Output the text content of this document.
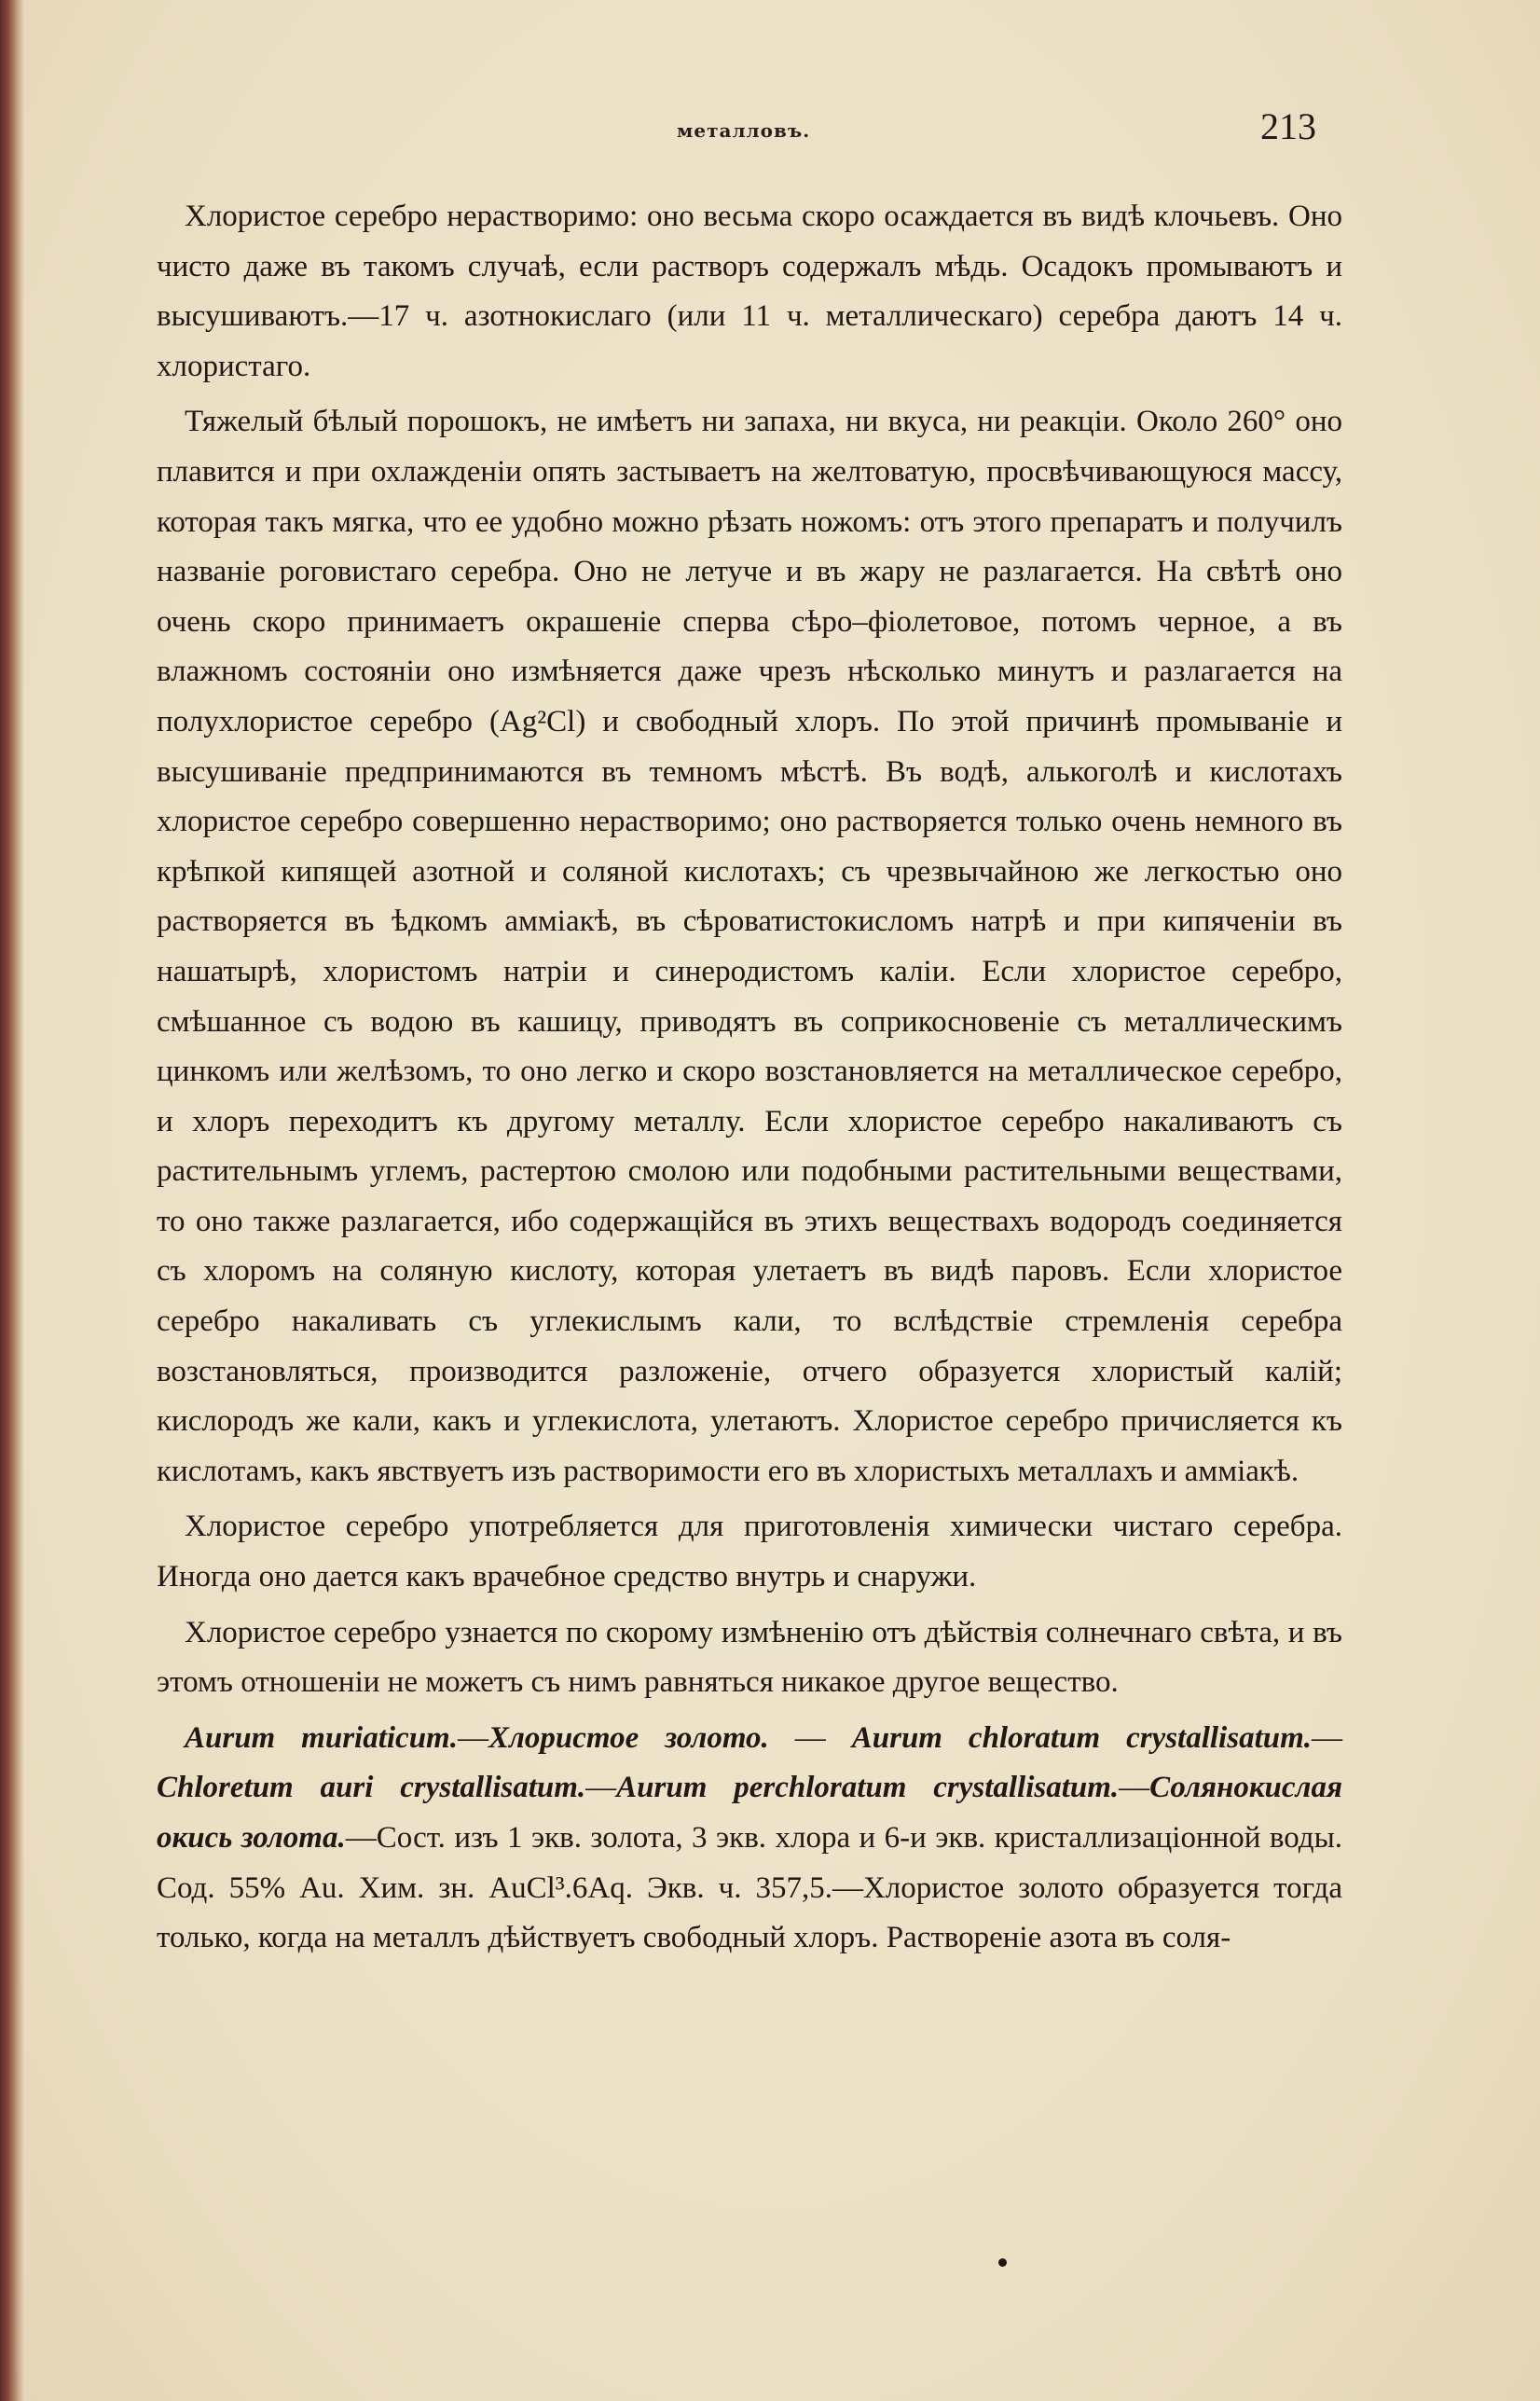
металловъ.	213

Хлористое серебро нерастворимо: оно весьма скоро осаждается въ видѣ клочьевъ. Оно чисто даже въ такомъ случаѣ, если растворъ содержалъ мѣдь. Осадокъ промываютъ и высушиваютъ.—17 ч. азотнокислаго (или 11 ч. металлическаго) серебра даютъ 14 ч. хлористаго.

Тяжелый бѣлый порошокъ, не имѣетъ ни запаха, ни вкуса, ни реакціи. Около 260° оно плавится и при охлажденіи опять застываетъ на желтоватую, просвѣчивающуюся массу, которая такъ мягка, что ее удобно можно рѣзать ножомъ: отъ этого препаратъ и получилъ названіе роговистаго серебра. Оно не летуче и въ жару не разлагается. На свѣтѣ оно очень скоро принимаетъ окрашеніе сперва сѣро–фіолетовое, потомъ черное, а въ влажномъ состояніи оно измѣняется даже чрезъ нѣсколько минутъ и разлагается на полухлористое серебро (Ag²Cl) и свободный хлоръ. По этой причинѣ промываніе и высушиваніе предпринимаются въ темномъ мѣстѣ. Въ водѣ, алькоголѣ и кислотахъ хлористое серебро совершенно нерастворимо; оно растворяется только очень немного въ крѣпкой кипящей азотной и соляной кислотахъ; съ чрезвычайною же легкостью оно растворяется въ ѣдкомъ амміакѣ, въ сѣроватистокисломъ натрѣ и при кипяченіи въ нашатырѣ, хлористомъ натріи и синеродистомъ каліи. Если хлористое серебро, смѣшанное съ водою въ кашицу, приводятъ въ соприкосновеніе съ металлическимъ цинкомъ или желѣзомъ, то оно легко и скоро возстановляется на металлическое серебро, и хлоръ переходитъ къ другому металлу. Если хлористое серебро накаливаютъ съ растительнымъ углемъ, растертою смолою или подобными растительными веществами, то оно также разлагается, ибо содержащійся въ этихъ веществахъ водородъ соединяется съ хлоромъ на соляную кислоту, которая улетаетъ въ видѣ паровъ. Если хлористое серебро накаливать съ углекислымъ кали, то вслѣдствіе стремленія серебра возстановляться, производится разложеніе, отчего образуется хлористый калій; кислородъ же кали, какъ и углекислота, улетаютъ. Хлористое серебро причисляется къ кислотамъ, какъ явствуетъ изъ растворимости его въ хлористыхъ металлахъ и амміакѣ.

Хлористое серебро употребляется для приготовленія химически чистаго серебра. Иногда оно дается какъ врачебное средство внутрь и снаружи.

Хлористое серебро узнается по скорому измѣненію отъ дѣйствія солнечнаго свѣта, и въ этомъ отношеніи не можетъ съ нимъ равняться никакое другое вещество.

Aurum muriaticum.—Хлористое золото. — Aurum chloratum crystallisatum.—Chloretum auri crystallisatum.—Aurum perchloratum crystallisatum.—Солянокислая окись золота.—Сост. изъ 1 экв. золота, 3 экв. хлора и 6-и экв. кристаллизаціонной воды. Сод. 55% Au. Хим. зн. AuCl³.6Aq. Экв. ч. 357,5.—Хлористое золото образуется тогда только, когда на металлъ дѣйствуетъ свободный хлоръ. Растворенie азота въ соля-
